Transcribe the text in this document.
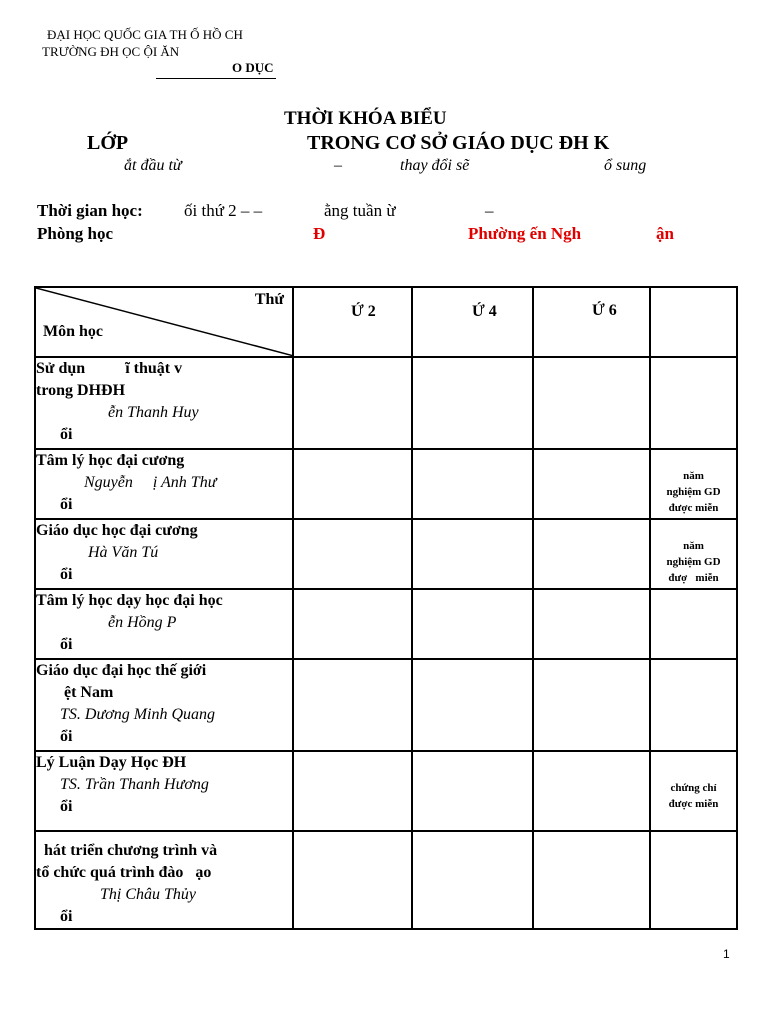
ĐẠI HỌC QUỐC GIA TH Ố HỒ CH
TRƯỜNG ĐH ỌC ỘI ĂN
O DỤC
THỜI KHÓA BIỂU
LỚP	TRONG CƠ SỞ GIÁO DỤC ĐH K
ắt đầu từ	–	thay đổi sẽ	ổ sung
Thời gian học: ối thứ 2 – –	ằng tuần ừ	–
Phòng học	Đ	Phường ến Ngh	ận
Thứ
Môn học	Ứ 2	Ứ 4	Ứ 6	

Sử dụn          ĩ thuật v
trong DHĐH
ễn Thanh Huy
ổi				

Tâm lý học đại cương
Nguyễn     ị Anh Thư
ổi				năm
nghiệm GD
được miễn

Giáo dục học đại cương
Hà Văn Tú
ổi				năm
nghiệm GD
đượ   miễn

Tâm lý học dạy học đại học
ễn Hồng P
ổi				

Giáo dục đại học thế giới
ệt Nam
TS. Dương Minh Quang
ổi				

Lý Luận Dạy Học ĐH
TS. Trần Thanh Hương
ổi				chứng chỉ
được miễn

hát triển chương trình và
tổ chức quá trình đào   ạo
Thị Châu Thủy
ổi				

1
